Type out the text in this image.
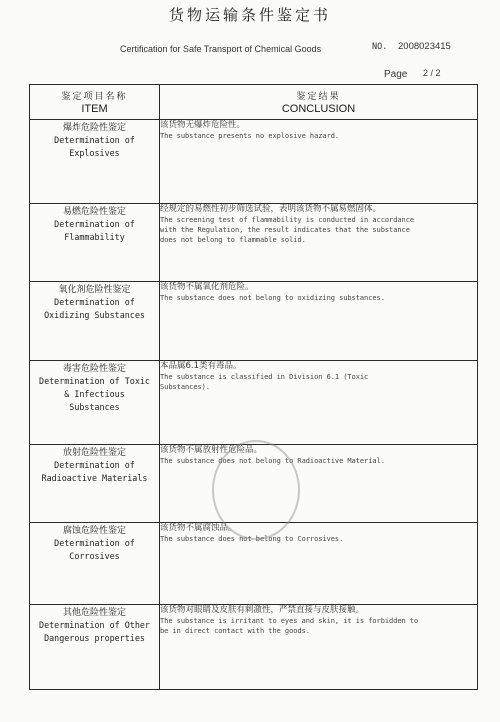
货物运输条件鉴定书
Certification for Safe Transport of Chemical Goods	NO. 2008023415
Page 2 / 2
鉴定项目名称
ITEM	鉴定结果
CONCLUSION

爆炸危险性鉴定
Determination of
Explosives	该货物无爆炸危险性。
The substance presents no explosive hazard.

易燃危险性鉴定
Determination of
Flammability	经规定的易燃性初步筛选试验，表明该货物不属易燃固体。
The screening test of flammability is conducted in accordance
with the Regulation, the result indicates that the substance
does not belong to flammable solid.

氧化剂危险性鉴定
Determination of
Oxidizing Substances	该货物不属氧化剂危险。
The substance does not belong to oxidizing substances.

毒害危险性鉴定
Determination of Toxic
& Infectious
Substances	本品属6.1类有毒品。
The substance is classified in Division 6.1 (Toxic
Substances).

放射危险性鉴定
Determination of
Radioactive Materials	该货物不属放射性危险品。
The substance does not belong to Radioactive Material.

腐蚀危险性鉴定
Determination of
Corrosives	该货物不属腐蚀品。
The substance does not belong to Corrosives.

其他危险性鉴定
Determination of Other
Dangerous properties	该货物对眼睛及皮肤有刺激性，严禁直接与皮肤接触。
The substance is irritant to eyes and skin, it is forbidden to
be in direct contact with the goods.
